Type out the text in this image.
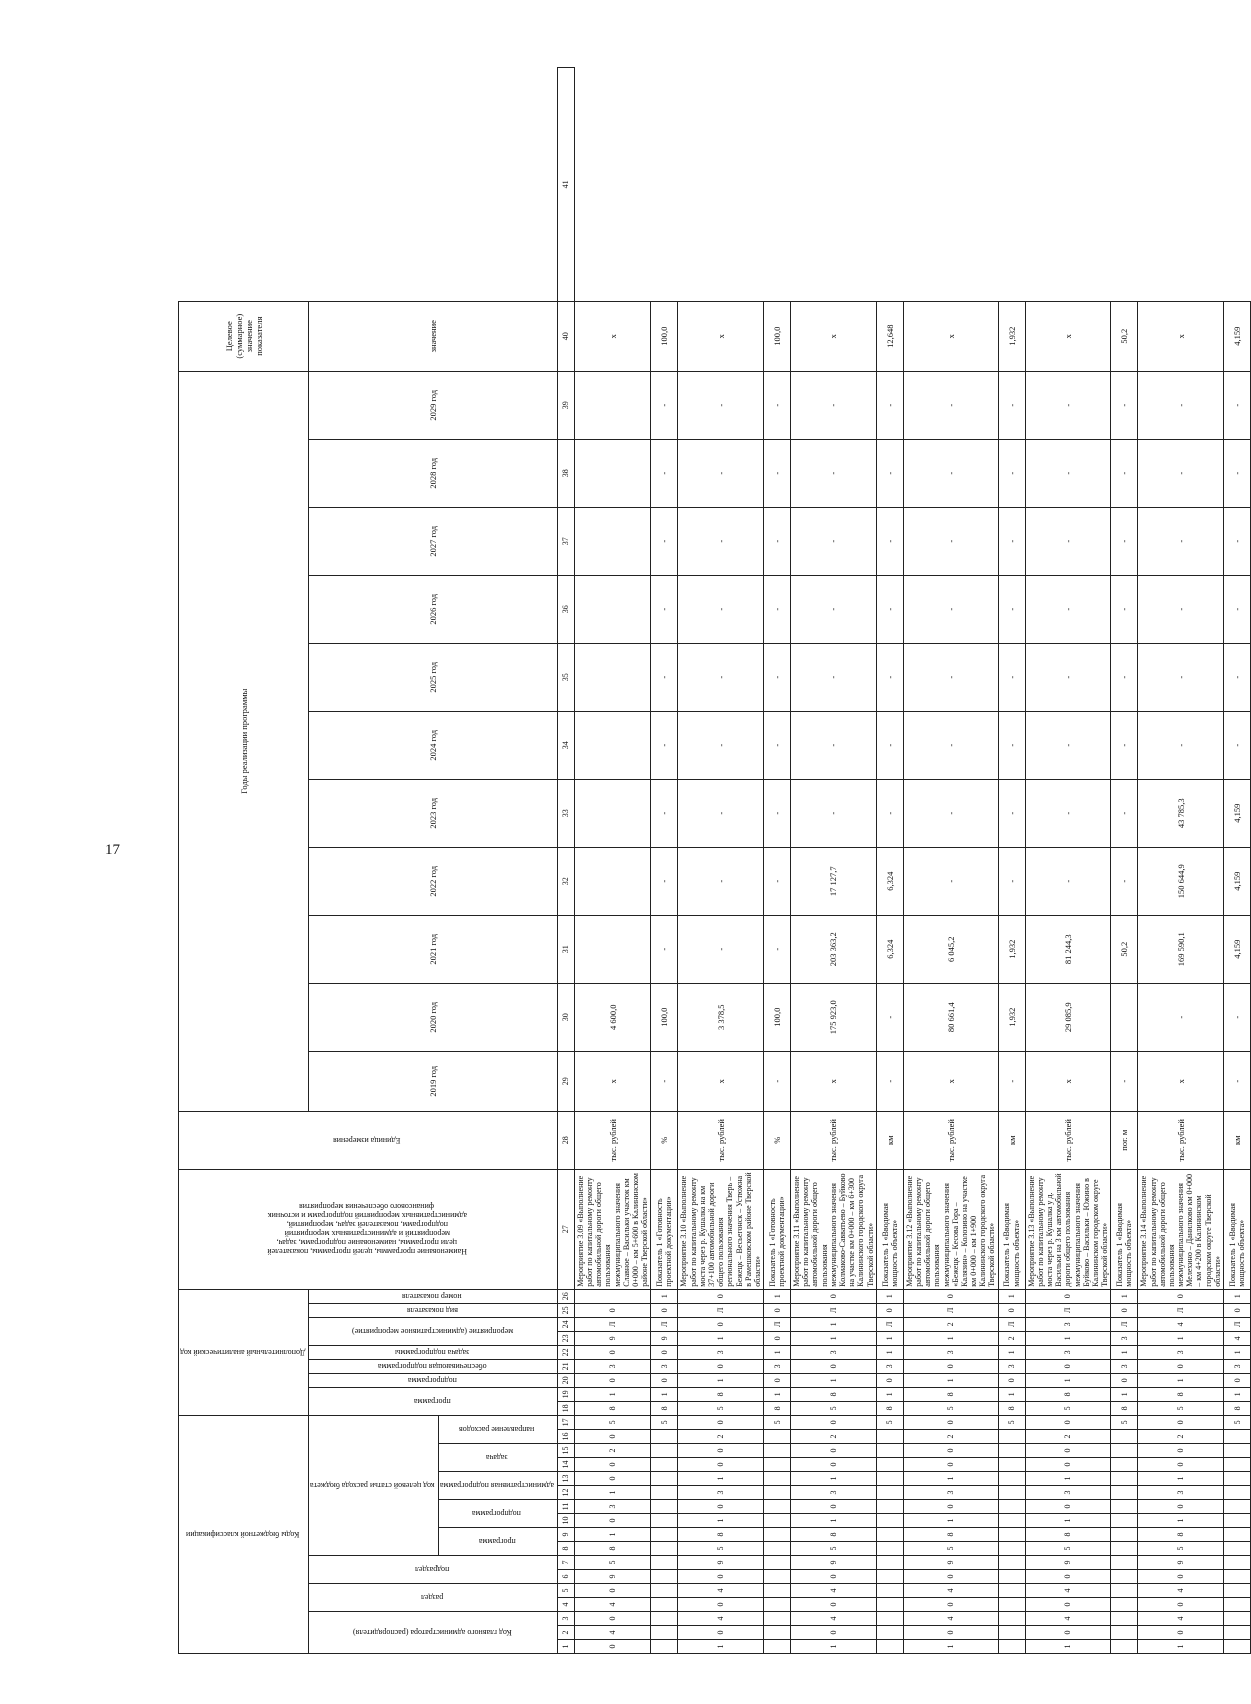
17
Коды бюджетной классификации																	Дополнительный аналитический код									Наименование программы, целей программы, показателей цели программы, наименование подпрограмм, задач, мероприятий и административных мероприятий подпрограмм, показателей задач, мероприятий, административных мероприятий подпрограмм и источник финансового обеспечения мероприятия	Единица измерения	Годы реализации программы											Целевое (суммарное) значение показателя	
Код главного администратора (распорядителя)			раздел		подраздел		код целевой статьи расхода бюджета										программа		подпрограмма	обеспечивающая подпрограмма	задача подпрограммы	мероприятие (административное мероприятие)		вид показателя	номер показателя			2019 год	2020 год	2021 год	2022 год	2023 год	2024 год	2025 год	2026 год	2027 год	2028 год	2029 год	значение	
							программа		подпрограмма		административная подпрограмма		задача		направление расходов																									
1	2	3	4	5	6	7	8	9	10	11	12	13	14	15	16	17	18	19	20	21	22	23	24	25	26	27	28	29	30	31	32	33	34	35	36	37	38	39	40	41
0	4	0	4	0	9	5	8	1	0	3	1	0	0	2	0	5	8	1	0	3	0	9	Л	0		Мероприятие 3.09 «Выполнение работ по капитальному ремонту автомобильной дороги общего пользования межмуниципального значения Славное – Васильки участок км 0+000 – км 5+600 в Калининском районе Тверской области»	тыс. рублей	x	4 600,0										x	
																5	8	1	0	3	0	9	Л	0	1	Показатель 1 «Готовность проектной документации»	%	-	100,0	-	-	-	-	-	-	-	-	-	100,0	
1	0	4	0	4	0	9	5	8	1	0	3	1	0	0	2	0	5	8	1	0	3	1	0	Л	0	Мероприятие 3.10 «Выполнение работ по капитальному ремонту моста через р. Кушалка на км 37+100 автомобильной дороги общего пользования регионального значения Тверь – Бежецк – Весьегонск – Устюжна в Рамешковском районе Тверской области»	тыс. рублей	x	3 378,5	-	-	-	-	-	-	-	-	-	x	
																5	8	1	0	3	1	0	Л	0	1	Показатель 1 «Готовность проектной документации»	%	-	100,0	-	-	-	-	-	-	-	-	-	100,0	
1	0	4	0	4	0	9	5	8	1	0	3	1	0	0	2	0	5	8	1	0	3	1	1	Л	0	Мероприятие 3.11 «Выполнение работ по капитальному ремонту автомобильной дороги общего пользования межмуниципального значения Колмаково-Савватьево – Буйково на участке км 0+000 – км 6+300 Калининского городского округа Тверской области»	тыс. рублей	x	175 923,0	203 363,2	17 127,7	-	-	-	-	-	-	-	x	
																5	8	1	0	3	1	1	Л	0	1	Показатель 1 «Вводимая мощность объекта»	км	-	-	6,324	6,324	-	-	-	-	-	-	-	12,648	
1	0	4	0	4	0	9	5	8	1	0	3	1	0	0	2	0	5	8	1	0	3	1	2	Л	0	Мероприятие 3.12 «Выполнение работ по капитальному ремонту автомобильной дороги общего пользования межмуниципального значения «Бежецк – Кесова Гора – Калязин» – Колозино на участке км 0+000 – км 1+900 Калининского городского округа Тверской области»	тыс. рублей	x	80 661,4	6 045,2	-	-	-	-	-	-	-	-	x	
																5	8	1	0	3	1	2	Л	0	1	Показатель 1 «Вводимая мощность объекта»	км	-	1,932	1,932	-	-	-	-	-	-	-	-	1,932	
1	0	4	0	4	0	9	5	8	1	0	3	1	0	0	2	0	5	8	1	0	3	1	3	Л	0	Мероприятие 3.13 «Выполнение работ по капитальному ремонту моста через р. Кушалка у д. Васильки на 3 км автомобильной дороги общего пользования межмуниципального значения Буйково – Васильки – Южино в Калининском городском округе Тверской области»	тыс. рублей	x	29 085,9	81 244,3	-	-	-	-	-	-	-	-	x	
																5	8	1	0	3	1	3	Л	0	1	Показатель 1 «Вводимая мощность объекта»	пог. м	-		50,2	-	-	-	-	-	-	-	-	50,2	
1	0	4	0	4	0	9	5	8	1	0	3	1	0	0	2	0	5	8	1	0	3	1	4	Л	0	Мероприятие 3.14 «Выполнение работ по капитальному ремонту автомобильной дороги общего пользования межмуниципального значения Мелехино – Данилково км 0+000 – км 4+200 в Калининском городском округе Тверской области»	тыс. рублей	x	-	169 590,1	150 644,9	43 785,3	-	-	-	-	-	-	x	
																5	8	1	0	3	1	4	Л	0	1	Показатель 1 «Вводимая мощность объекта»	км	-	-	4,159	4,159	4,159	-	-	-	-	-	-	4,159	
